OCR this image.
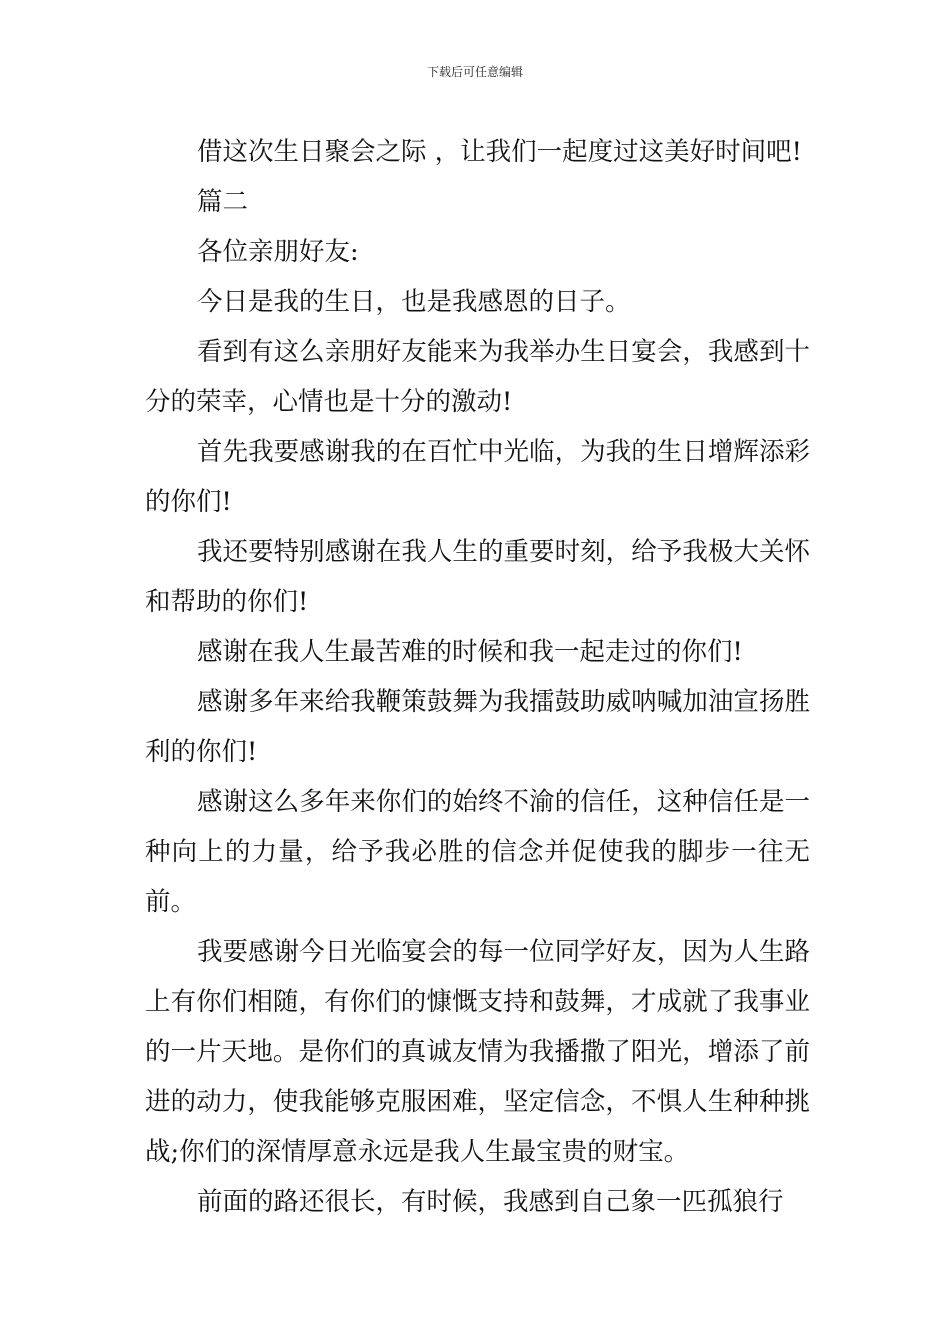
下载后可任意编辑

借这次生日聚会之际 ，让我们一起度过这美好时间吧!

篇二

各位亲朋好友:

今日是我的生日，也是我感恩的日子。

看到有这么亲朋好友能来为我举办生日宴会，我感到十分的荣幸，心情也是十分的激动!

首先我要感谢我的在百忙中光临，为我的生日增辉添彩的你们!

我还要特别感谢在我人生的重要时刻，给予我极大关怀和帮助的你们!

感谢在我人生最苦难的时候和我一起走过的你们!

感谢多年来给我鞭策鼓舞为我擂鼓助威呐喊加油宣扬胜利的你们!

感谢这么多年来你们的始终不渝的信任，这种信任是一种向上的力量，给予我必胜的信念并促使我的脚步一往无前。

我要感谢今日光临宴会的每一位同学好友，因为人生路上有你们相随，有你们的慷慨支持和鼓舞，才成就了我事业的一片天地。是你们的真诚友情为我播撒了阳光，增添了前进的动力，使我能够克服困难，坚定信念，不惧人生种种挑战;你们的深情厚意永远是我人生最宝贵的财宝。

前面的路还很长，有时候，我感到自己象一匹孤狼行
